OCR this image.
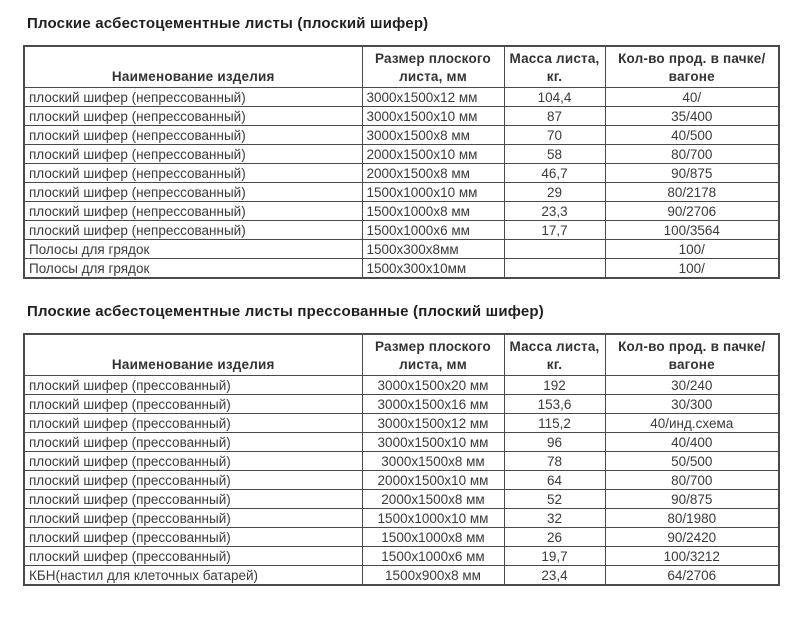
Плоские асбестоцементные листы (плоский шифер)
Наименование изделия	Размер плоского листа, мм	Масса листа, кг.	Кол-во прод. в пачке/вагоне
плоский шифер (непрессованный)	3000х1500х12 мм	104,4	40/
плоский шифер (непрессованный)	3000х1500х10 мм	87	35/400
плоский шифер (непрессованный)	3000х1500х8 мм	70	40/500
плоский шифер (непрессованный)	2000х1500х10 мм	58	80/700
плоский шифер (непрессованный)	2000х1500х8 мм	46,7	90/875
плоский шифер (непрессованный)	1500х1000х10 мм	29	80/2178
плоский шифер (непрессованный)	1500х1000х8 мм	23,3	90/2706
плоский шифер (непрессованный)	1500х1000х6 мм	17,7	100/3564
Полосы для грядок	1500х300х8мм		100/
Полосы для грядок	1500х300х10мм		100/
Плоские асбестоцементные листы прессованные (плоский шифер)
Наименование изделия	Размер плоского листа, мм	Масса листа, кг.	Кол-во прод. в пачке/вагоне
плоский шифер (прессованный)	3000х1500х20 мм	192	30/240
плоский шифер (прессованный)	3000х1500х16 мм	153,6	30/300
плоский шифер (прессованный)	3000х1500х12 мм	115,2	40/инд.схема
плоский шифер (прессованный)	3000х1500х10 мм	96	40/400
плоский шифер (прессованный)	3000х1500х8 мм	78	50/500
плоский шифер (прессованный)	2000х1500х10 мм	64	80/700
плоский шифер (прессованный)	2000х1500х8 мм	52	90/875
плоский шифер (прессованный)	1500х1000х10 мм	32	80/1980
плоский шифер (прессованный)	1500х1000х8 мм	26	90/2420
плоский шифер (прессованный)	1500х1000х6 мм	19,7	100/3212
КБН(настил для клеточных батарей)	1500х900х8 мм	23,4	64/2706
